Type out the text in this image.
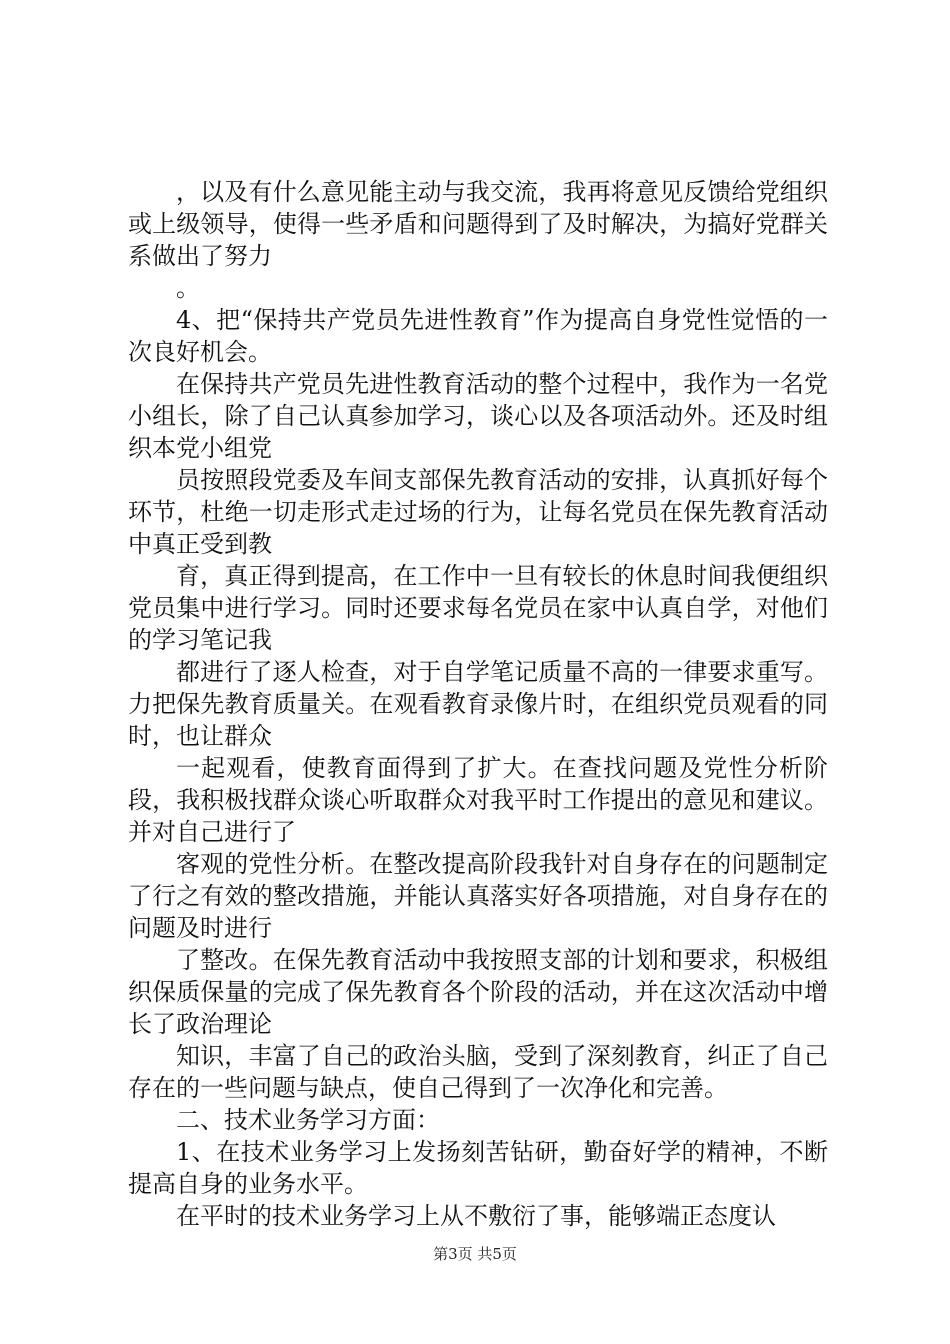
，以及有什么意见能主动与我交流，我再将意见反馈给党组织或上级领导，使得一些矛盾和问题得到了及时解决，为搞好党群关系做出了努力

。

4、把“保持共产党员先进性教育”作为提高自身党性觉悟的一次良好机会。

在保持共产党员先进性教育活动的整个过程中，我作为一名党小组长，除了自己认真参加学习，谈心以及各项活动外。还及时组织本党小组党

员按照段党委及车间支部保先教育活动的安排，认真抓好每个环节，杜绝一切走形式走过场的行为，让每名党员在保先教育活动中真正受到教

育，真正得到提高，在工作中一旦有较长的休息时间我便组织党员集中进行学习。同时还要求每名党员在家中认真自学，对他们的学习笔记我

都进行了逐人检查，对于自学笔记质量不高的一律要求重写。力把保先教育质量关。在观看教育录像片时，在组织党员观看的同时，也让群众

一起观看，使教育面得到了扩大。在查找问题及党性分析阶段，我积极找群众谈心听取群众对我平时工作提出的意见和建议。并对自己进行了

客观的党性分析。在整改提高阶段我针对自身存在的问题制定了行之有效的整改措施，并能认真落实好各项措施，对自身存在的问题及时进行

了整改。在保先教育活动中我按照支部的计划和要求，积极组织保质保量的完成了保先教育各个阶段的活动，并在这次活动中增长了政治理论

知识，丰富了自己的政治头脑，受到了深刻教育，纠正了自己存在的一些问题与缺点，使自己得到了一次净化和完善。

二、技术业务学习方面：

1、在技术业务学习上发扬刻苦钻研，勤奋好学的精神，不断提高自身的业务水平。

在平时的技术业务学习上从不敷衍了事，能够端正态度认

第3页 共5页
